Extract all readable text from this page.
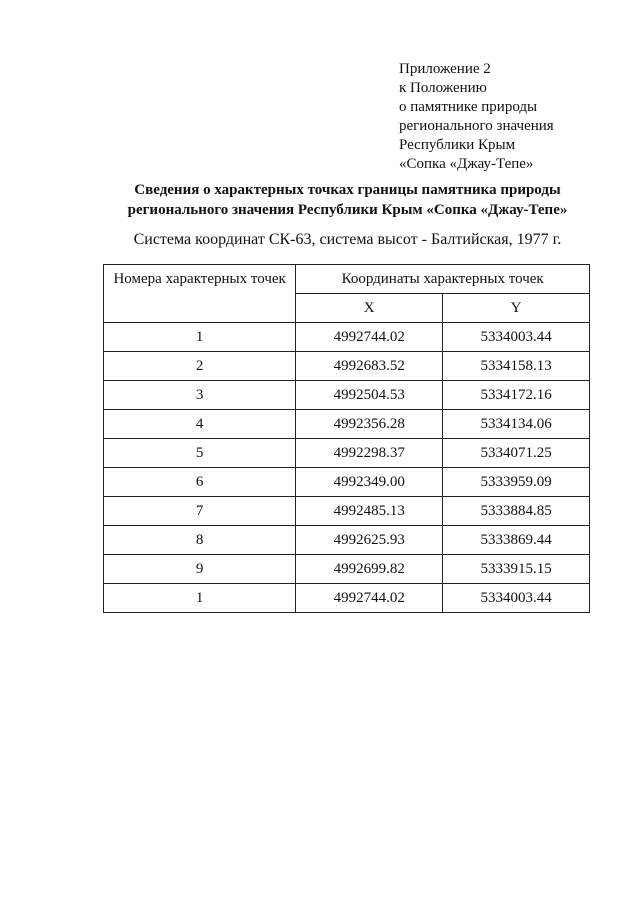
Приложение 2
к Положению
о памятнике природы
регионального значения
Республики Крым
«Сопка «Джау-Тепе»
Сведения о характерных точках границы памятника природы
регионального значения Республики Крым «Сопка «Джау-Тепе»
Система координат СК-63, система высот - Балтийская, 1977 г.
Номера характерных точек	Координаты характерных точек	
	X	Y
1	4992744.02	5334003.44
2	4992683.52	5334158.13
3	4992504.53	5334172.16
4	4992356.28	5334134.06
5	4992298.37	5334071.25
6	4992349.00	5333959.09
7	4992485.13	5333884.85
8	4992625.93	5333869.44
9	4992699.82	5333915.15
1	4992744.02	5334003.44
